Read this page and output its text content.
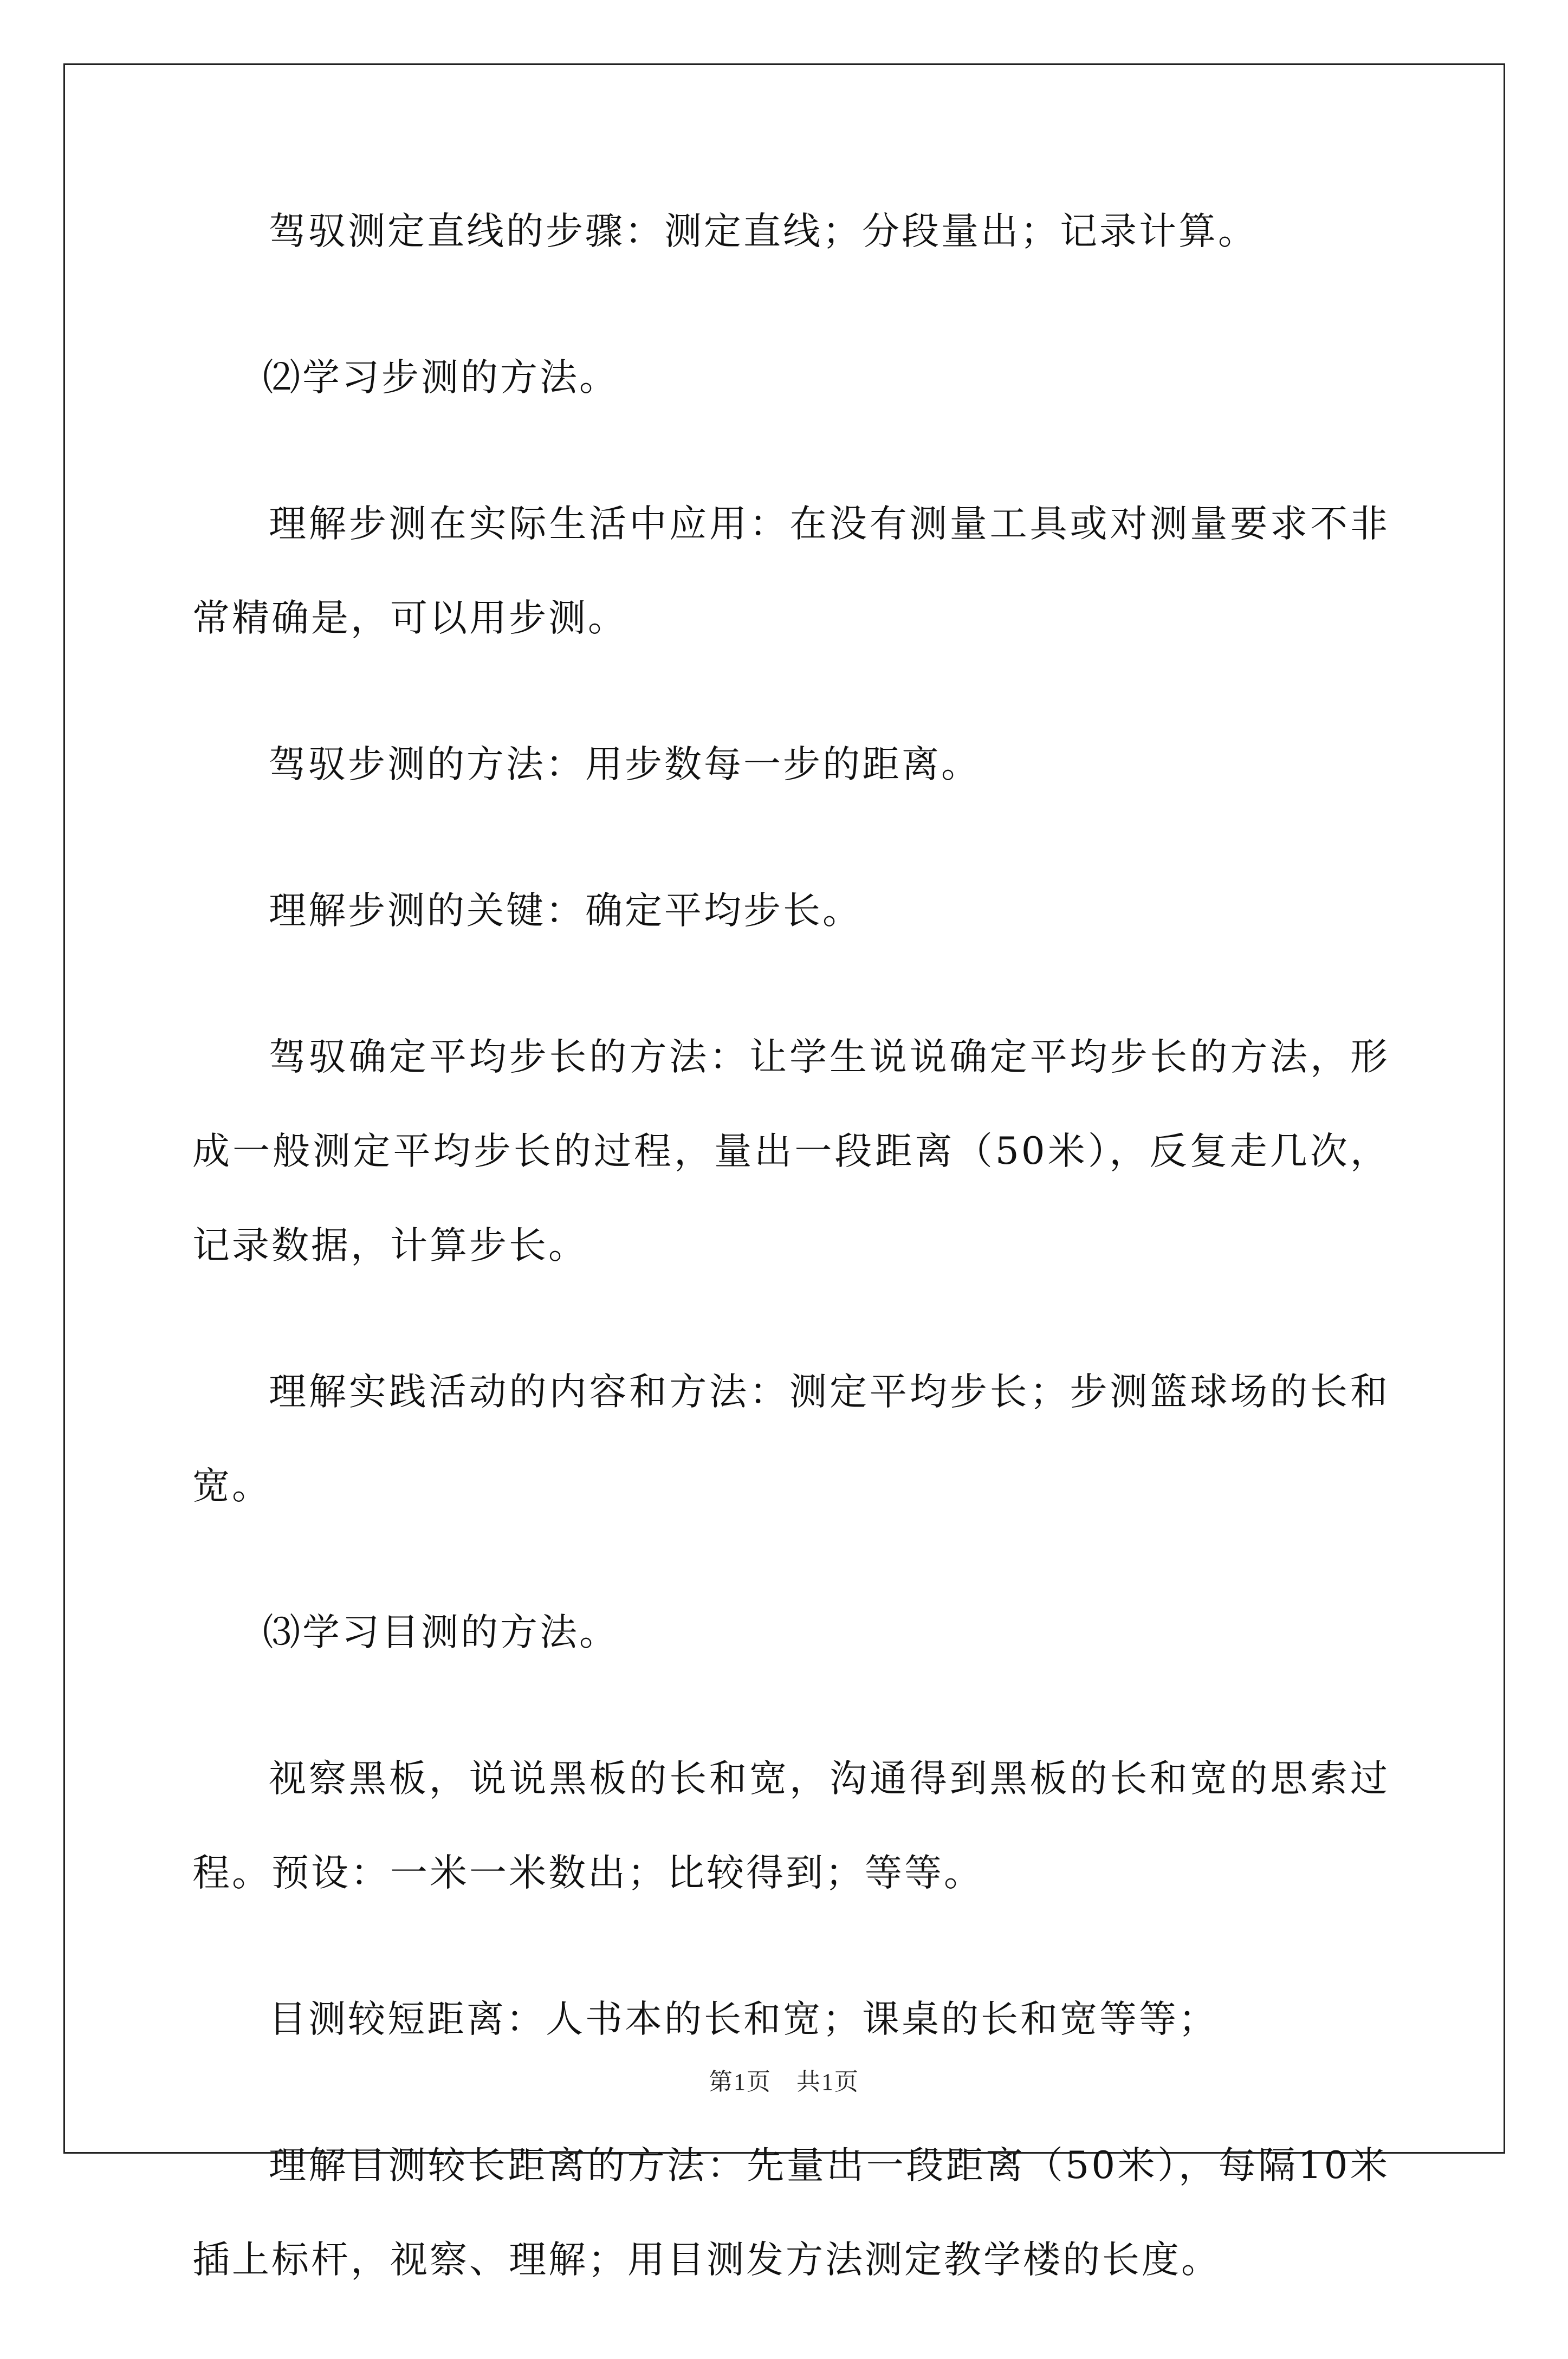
驾驭测定直线的步骤：测定直线；分段量出；记录计算。

⑵学习步测的方法。

理解步测在实际生活中应用：在没有测量工具或对测量要求不非常精确是，可以用步测。

驾驭步测的方法：用步数每一步的距离。

理解步测的关键：确定平均步长。

驾驭确定平均步长的方法：让学生说说确定平均步长的方法，形成一般测定平均步长的过程，量出一段距离（50米），反复走几次，记录数据，计算步长。

理解实践活动的内容和方法：测定平均步长；步测篮球场的长和宽。

⑶学习目测的方法。

视察黑板，说说黑板的长和宽，沟通得到黑板的长和宽的思索过程。预设：一米一米数出；比较得到；等等。

目测较短距离：人书本的长和宽；课桌的长和宽等等；

理解目测较长距离的方法：先量出一段距离（50米），每隔10米插上标杆，视察、理解；用目测发方法测定教学楼的长度。

第1页　共1页
